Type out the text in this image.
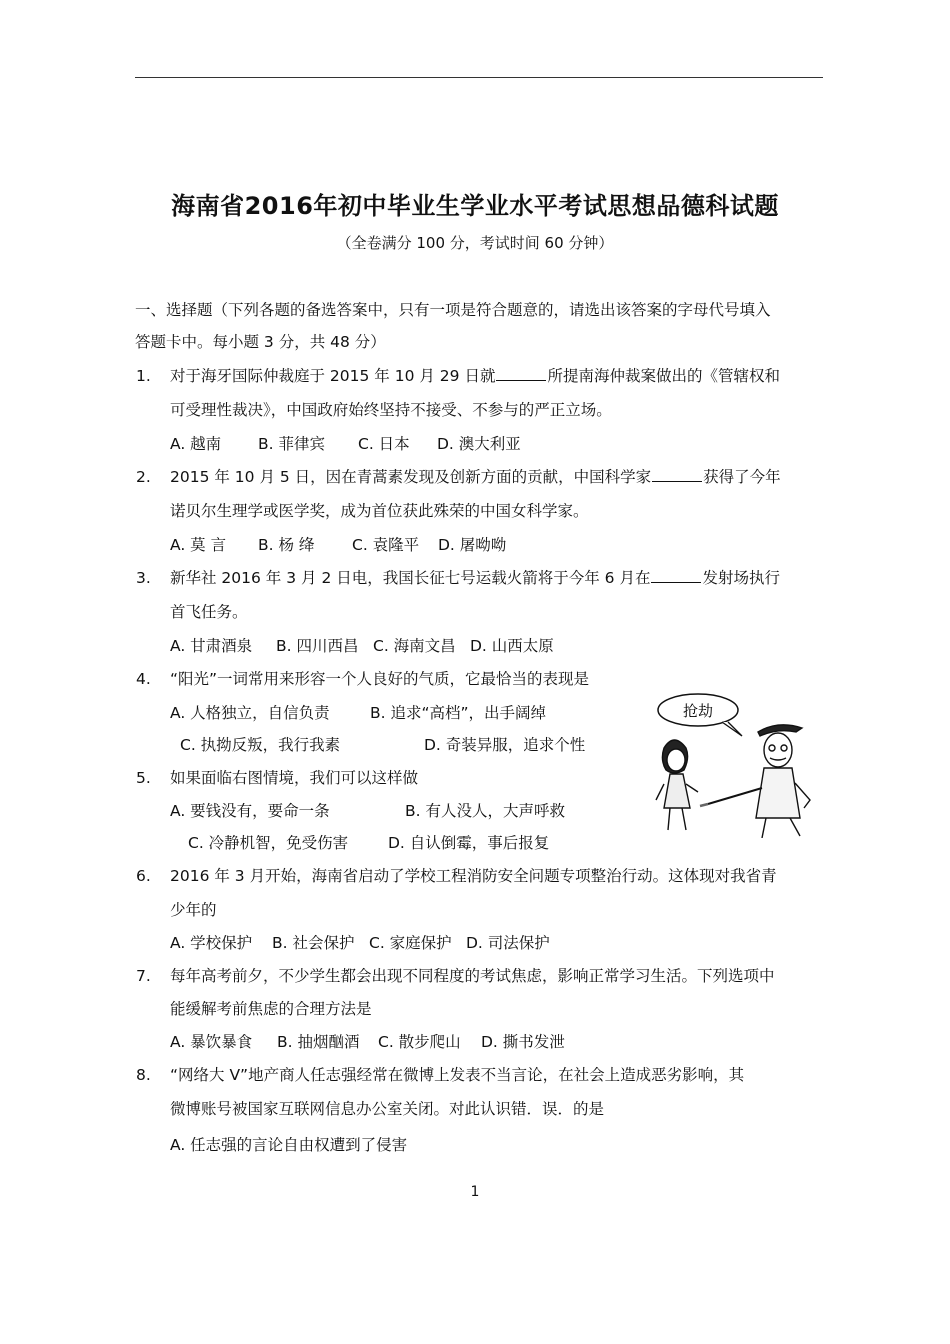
海南省2016年初中毕业生学业水平考试思想品德科试题
（全卷满分 100 分，考试时间 60 分钟）
一、选择题（下列各题的备选答案中，只有一项是符合题意的，请选出该答案的字母代号填入
答题卡中。每小题 3 分，共 48 分）
1. 对于海牙国际仲裁庭于 2015 年 10 月 29 日就	所提南海仲裁案做出的《管辖权和
可受理性裁决》，中国政府始终坚持不接受、不参与的严正立场。
A. 越南 B. 菲律宾 C. 日本 D. 澳大利亚
2. 2015 年 10 月 5 日，因在青蒿素发现及创新方面的贡献，中国科学家	获得了今年
诺贝尔生理学或医学奖，成为首位获此殊荣的中国女科学家。
A. 莫 言 B. 杨 绛 C. 袁隆平 D. 屠呦呦
3. 新华社 2016 年 3 月 2 日电，我国长征七号运载火箭将于今年 6 月在	发射场执行
首飞任务。
A. 甘肃酒泉 B. 四川西昌 C. 海南文昌 D. 山西太原
4. “阳光”一词常用来形容一个人良好的气质，它最恰当的表现是
A. 人格独立，自信负责	B. 追求“高档”，出手阔绰
C. 执拗反叛，我行我素	D. 奇装异服，追求个性
5. 如果面临右图情境，我们可以这样做
A. 要钱没有，要命一条	B. 有人没人，大声呼救
C. 冷静机智，免受伤害	D. 自认倒霉，事后报复
抢劫
6. 2016 年 3 月开始，海南省启动了学校工程消防安全问题专项整治行动。这体现对我省青
少年的
A. 学校保护 B. 社会保护 C. 家庭保护 D. 司法保护
7. 每年高考前夕，不少学生都会出现不同程度的考试焦虑，影响正常学习生活。下列选项中
能缓解考前焦虑的合理方法是
A. 暴饮暴食 B. 抽烟酗酒 C. 散步爬山 D. 撕书发泄
8. “网络大 V”地产商人任志强经常在微博上发表不当言论，在社会上造成恶劣影响，其
微博账号被国家互联网信息办公室关闭。对此认识错．误．的是
A. 任志强的言论自由权遭到了侵害
1
